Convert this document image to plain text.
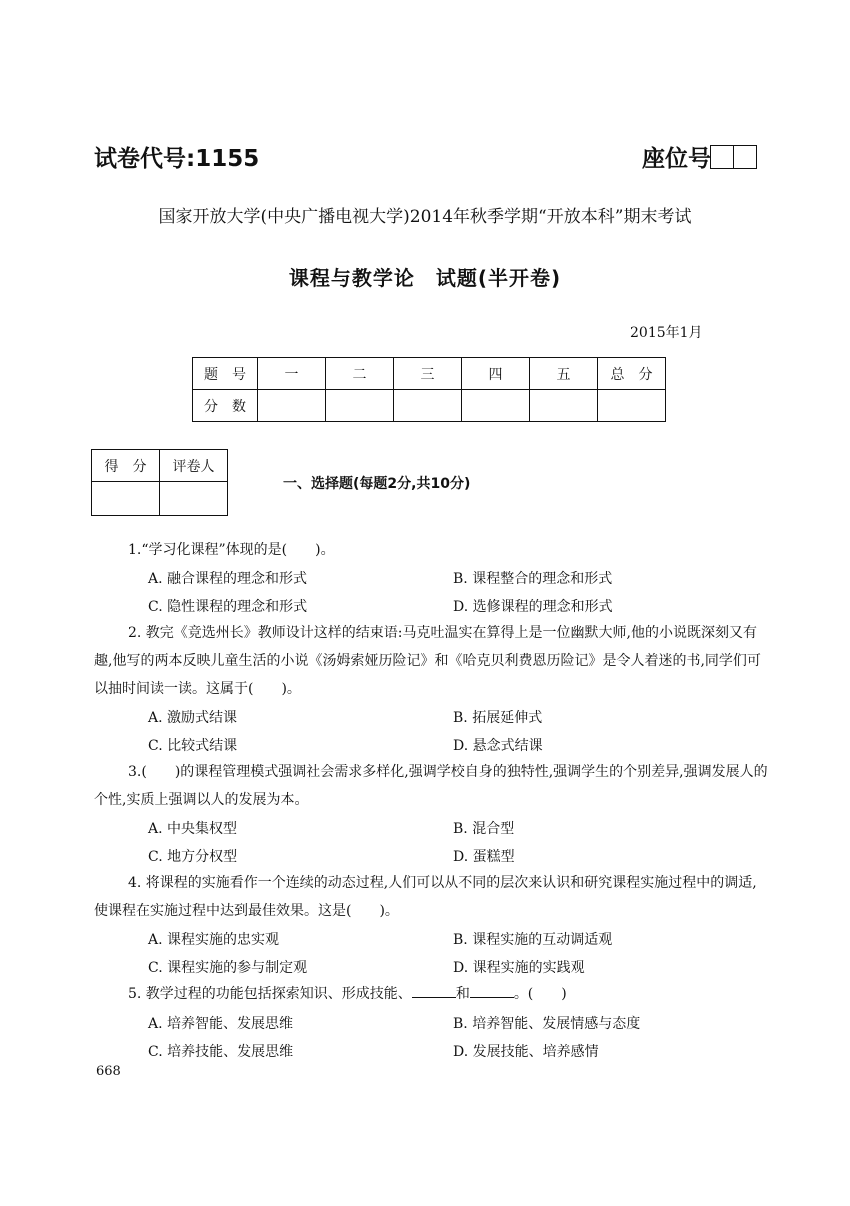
试卷代号:1155	座位号
国家开放大学(中央广播电视大学)2014年秋季学期“开放本科”期末考试
课程与教学论　试题(半开卷)
2015年1月
题　号	一	二	三	四	五	总　分
分　数						
得　分	评卷人

一、选择题(每题2分,共10分)
1.“学习化课程”体现的是(　　)。
A. 融合课程的理念和形式	B. 课程整合的理念和形式
C. 隐性课程的理念和形式	D. 选修课程的理念和形式
2. 教完《竞选州长》教师设计这样的结束语:马克吐温实在算得上是一位幽默大师,他的小说既深刻又有趣,他写的两本反映儿童生活的小说《汤姆索娅历险记》和《哈克贝利费恩历险记》是令人着迷的书,同学们可以抽时间读一读。这属于(　　)。
A. 激励式结课	B. 拓展延伸式
C. 比较式结课	D. 悬念式结课
3.(　　)的课程管理模式强调社会需求多样化,强调学校自身的独特性,强调学生的个别差异,强调发展人的个性,实质上强调以人的发展为本。
A. 中央集权型	B. 混合型
C. 地方分权型	D. 蛋糕型
4. 将课程的实施看作一个连续的动态过程,人们可以从不同的层次来认识和研究课程实施过程中的调适,使课程在实施过程中达到最佳效果。这是(　　)。
A. 课程实施的忠实观	B. 课程实施的互动调适观
C. 课程实施的参与制定观	D. 课程实施的实践观
5. 教学过程的功能包括探索知识、形成技能、	和	。(　　)
A. 培养智能、发展思维	B. 培养智能、发展情感与态度
C. 培养技能、发展思维	D. 发展技能、培养感情
668
